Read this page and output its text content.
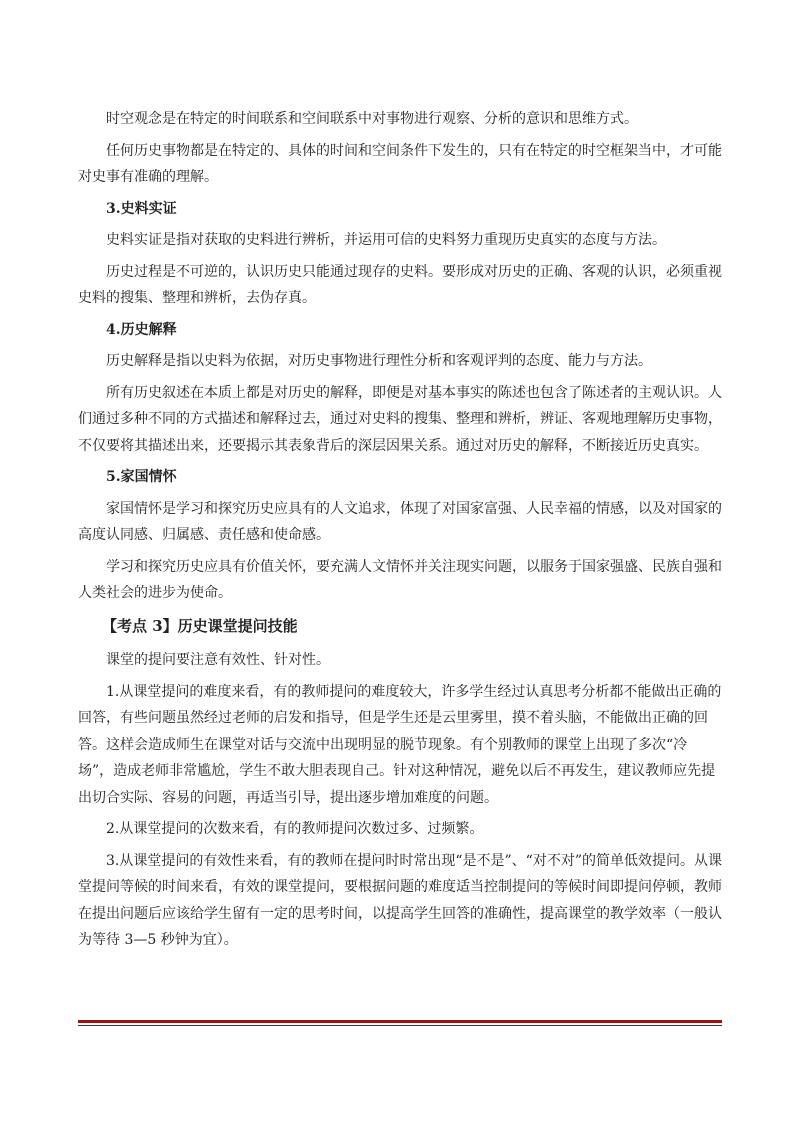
时空观念是在特定的时间联系和空间联系中对事物进行观察、分析的意识和思维方式。

任何历史事物都是在特定的、具体的时间和空间条件下发生的，只有在特定的时空框架当中，才可能对史事有准确的理解。

3.史料实证

史料实证是指对获取的史料进行辨析，并运用可信的史料努力重现历史真实的态度与方法。

历史过程是不可逆的，认识历史只能通过现存的史料。要形成对历史的正确、客观的认识，必须重视史料的搜集、整理和辨析，去伪存真。

4.历史解释

历史解释是指以史料为依据，对历史事物进行理性分析和客观评判的态度、能力与方法。

所有历史叙述在本质上都是对历史的解释，即便是对基本事实的陈述也包含了陈述者的主观认识。人们通过多种不同的方式描述和解释过去，通过对史料的搜集、整理和辨析，辨证、客观地理解历史事物，不仅要将其描述出来，还要揭示其表象背后的深层因果关系。通过对历史的解释，不断接近历史真实。

5.家国情怀

家国情怀是学习和探究历史应具有的人文追求，体现了对国家富强、人民幸福的情感，以及对国家的高度认同感、归属感、责任感和使命感。

学习和探究历史应具有价值关怀，要充满人文情怀并关注现实问题，以服务于国家强盛、民族自强和人类社会的进步为使命。

【考点 3】历史课堂提问技能

课堂的提问要注意有效性、针对性。

1.从课堂提问的难度来看，有的教师提问的难度较大，许多学生经过认真思考分析都不能做出正确的回答，有些问题虽然经过老师的启发和指导，但是学生还是云里雾里，摸不着头脑，不能做出正确的回答。这样会造成师生在课堂对话与交流中出现明显的脱节现象。有个别教师的课堂上出现了多次“冷场”，造成老师非常尴尬，学生不敢大胆表现自己。针对这种情况，避免以后不再发生，建议教师应先提出切合实际、容易的问题，再适当引导，提出逐步增加难度的问题。

2.从课堂提问的次数来看，有的教师提问次数过多、过频繁。

3.从课堂提问的有效性来看，有的教师在提问时时常出现“是不是”、“对不对”的简单低效提问。从课堂提问等候的时间来看，有效的课堂提问，要根据问题的难度适当控制提问的等候时间即提问停顿，教师在提出问题后应该给学生留有一定的思考时间，以提高学生回答的准确性，提高课堂的教学效率（一般认为等待 3—5 秒钟为宜）。
